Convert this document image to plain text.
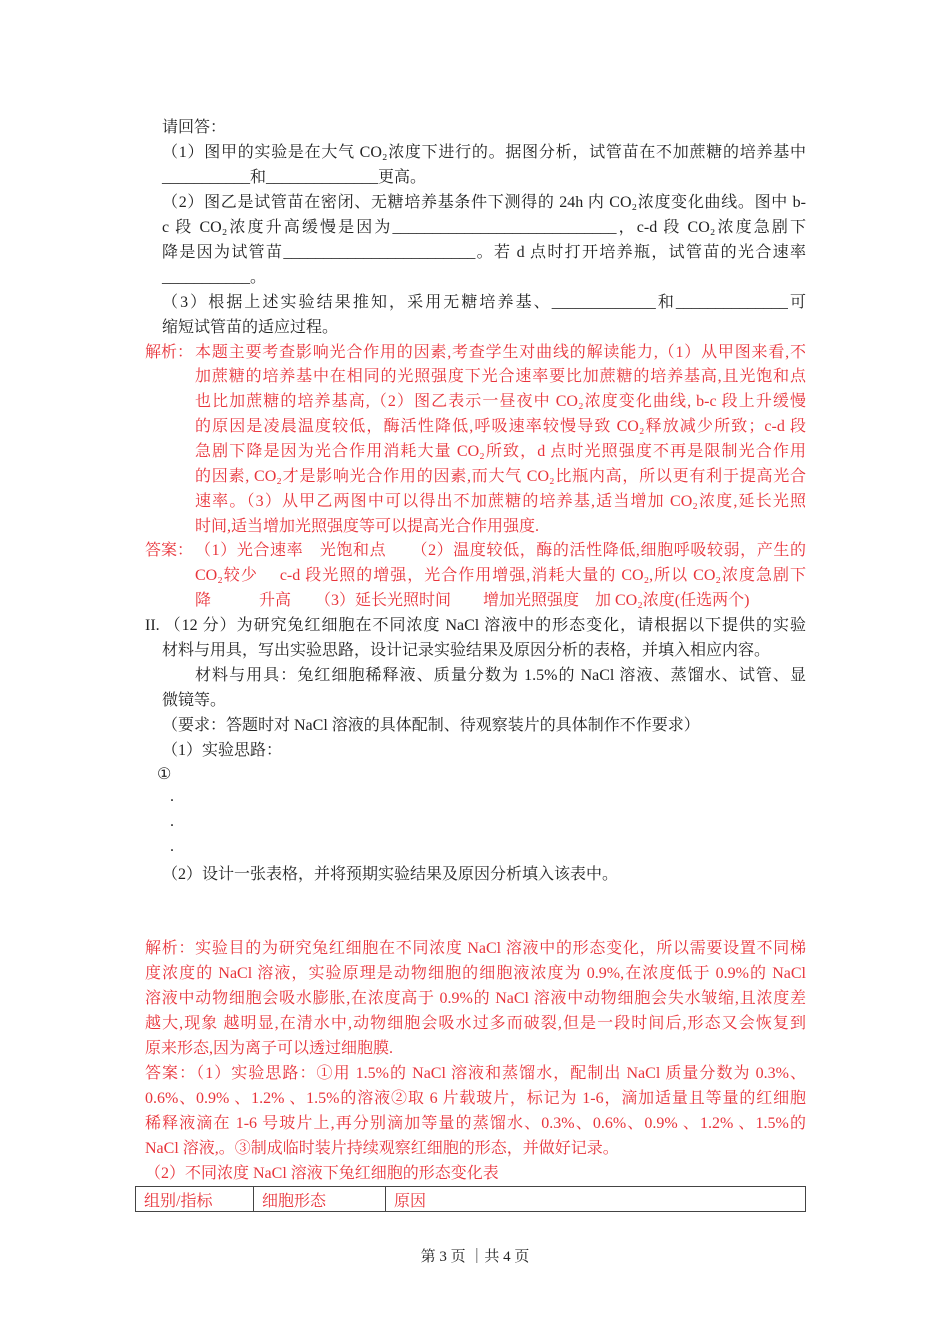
请回答：
（1）图甲的实验是在大气 CO₂浓度下进行的。据图分析，试管苗在不加蔗糖的培养基中
___________和______________更高。
（2）图乙是试管苗在密闭、无糖培养基条件下测得的 24h 内 CO₂浓度变化曲线。图中 b-
c 段 CO₂浓度升高缓慢是因为____________________________，c-d 段 CO₂浓度急剧下
降是因为试管苗________________________。若 d 点时打开培养瓶，试管苗的光合速率
___________。
（3）根据上述实验结果推知，采用无糖培养基、_____________和______________可
缩短试管苗的适应过程。
解析： 本题主要考查影响光合作用的因素,考查学生对曲线的解读能力,（1）从甲图来看,不
加蔗糖的培养基中在相同的光照强度下光合速率要比加蔗糖的培养基高,且光饱和点
也比加蔗糖的培养基高,（2）图乙表示一昼夜中 CO₂浓度变化曲线, b-c 段上升缓慢
的原因是凌晨温度较低，酶活性降低,呼吸速率较慢导致 CO₂释放减少所致；c-d 段
急剧下降是因为光合作用消耗大量 CO₂所致，d 点时光照强度不再是限制光合作用
的因素, CO₂才是影响光合作用的因素,而大气 CO₂比瓶内高，所以更有利于提高光合
速率。（3）从甲乙两图中可以得出不加蔗糖的培养基,适当增加 CO₂浓度,延长光照
时间,适当增加光照强度等可以提高光合作用强度.
答案： （1）光合速率　光饱和点　　（2）温度较低，酶的活性降低,细胞呼吸较弱，产生的
CO₂较少　 c-d 段光照的增强，光合作用增强,消耗大量的 CO₂,所以 CO₂浓度急剧下
降　　　升高　　（3）延长光照时间　　增加光照强度　加 CO₂浓度(任选两个)
II. （12 分）为研究兔红细胞在不同浓度 NaCl 溶液中的形态变化，请根据以下提供的实验
材料与用具，写出实验思路，设计记录实验结果及原因分析的表格，并填入相应内容。
材料与用具：兔红细胞稀释液、质量分数为 1.5%的 NaCl 溶液、蒸馏水、试管、显
微镜等。
（要求：答题时对 NaCl 溶液的具体配制、待观察装片的具体制作不作要求）
（1）实验思路：
①
.
.
.
（2）设计一张表格，并将预期实验结果及原因分析填入该表中。
解析：实验目的为研究兔红细胞在不同浓度 NaCl 溶液中的形态变化，所以需要设置不同梯
度浓度的 NaCl 溶液，实验原理是动物细胞的细胞液浓度为 0.9%,在浓度低于 0.9%的 NaCl
溶液中动物细胞会吸水膨胀,在浓度高于 0.9%的 NaCl 溶液中动物细胞会失水皱缩,且浓度差
越大,现象 越明显,在清水中,动物细胞会吸水过多而破裂,但是一段时间后,形态又会恢复到
原来形态,因为离子可以透过细胞膜.
答案：（1）实验思路：①用 1.5%的 NaCl 溶液和蒸馏水，配制出 NaCl 质量分数为 0.3%、
0.6%、0.9% 、1.2% 、1.5%的溶液②取 6 片载玻片，标记为 1-6，滴加适量且等量的红细胞
稀释液滴在 1-6 号玻片上,再分别滴加等量的蒸馏水、0.3%、0.6%、0.9% 、1.2% 、1.5%的
NaCl 溶液,。③制成临时装片持续观察红细胞的形态，并做好记录。
（2）不同浓度 NaCl 溶液下兔红细胞的形态变化表
组别/指标	细胞形态	原因
第 3 页 ｜共 4 页
